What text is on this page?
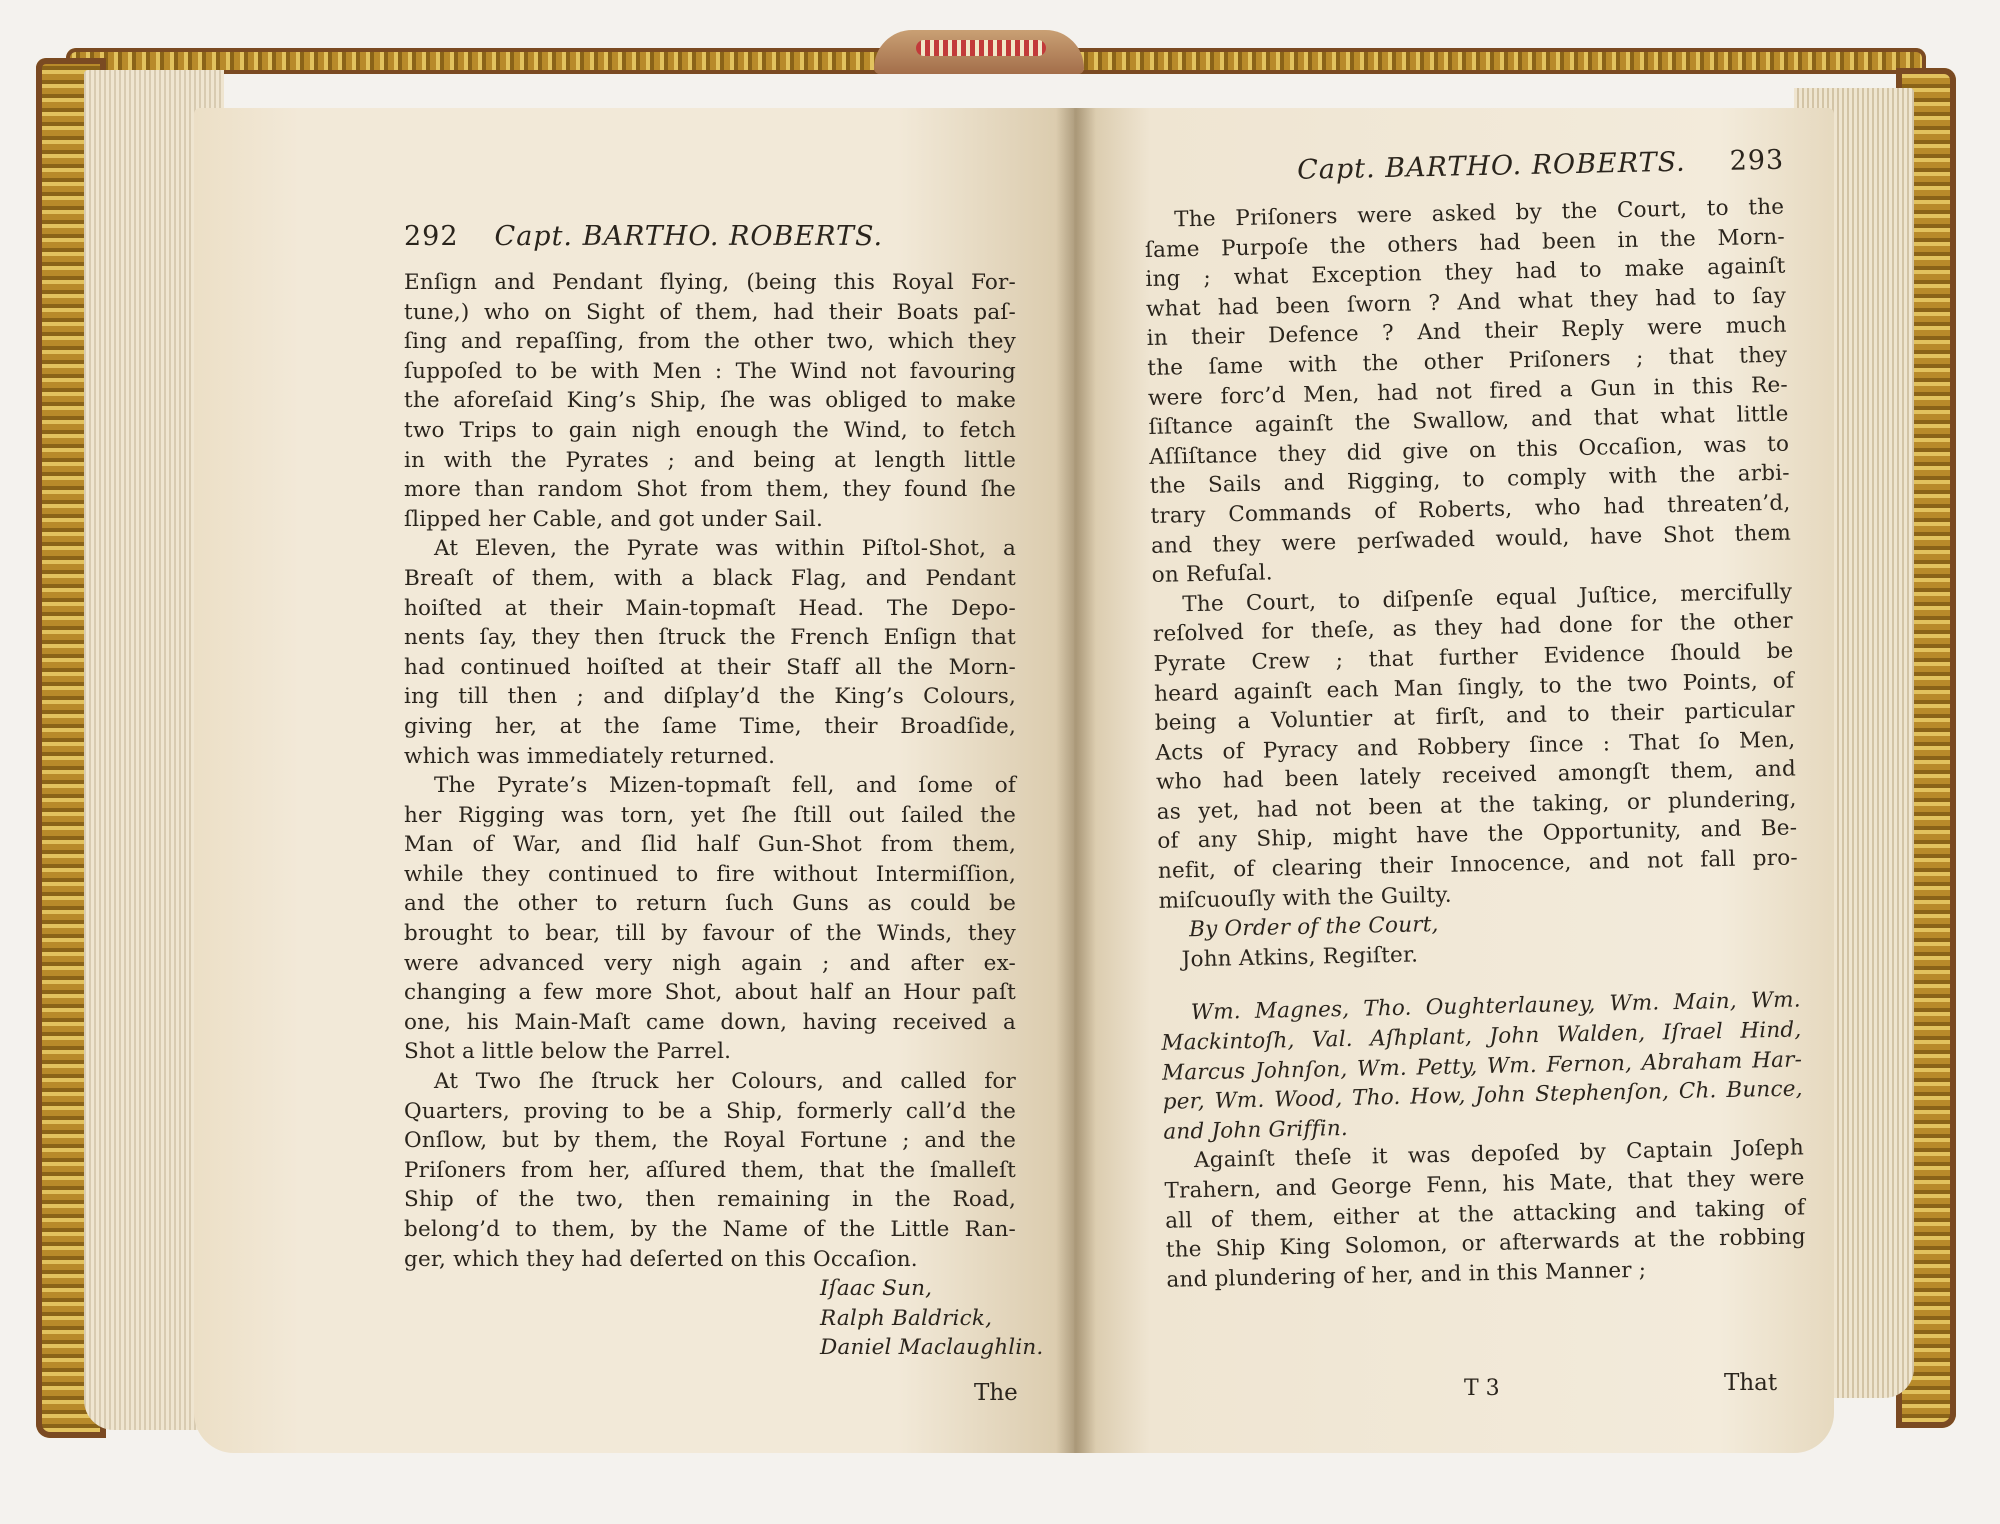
292 Capt. BARTHO. ROBERTS.
Enſign and Pendant flying, (being this Royal For-
tune,) who on Sight of them, had their Boats paſ-
ſing and repaſſing, from the other two, which they
ſuppoſed to be with Men : The Wind not favouring
the aforeſaid King’s Ship, ſhe was obliged to make
two Trips to gain nigh enough the Wind, to fetch
in with the Pyrates ; and being at length little
more than random Shot from them, they found ſhe
ſlipped her Cable, and got under Sail.
At Eleven, the Pyrate was within Piſtol-Shot, a
Breaſt of them, with a black Flag, and Pendant
hoiſted at their Main-topmaſt Head. The Depo-
nents ſay, they then ſtruck the French Enſign that
had continued hoiſted at their Staff all the Morn-
ing till then ; and diſplay’d the King’s Colours,
giving her, at the ſame Time, their Broadſide,
which was immediately returned.
The Pyrate’s Mizen-topmaſt fell, and ſome of
her Rigging was torn, yet ſhe ſtill out ſailed the
Man of War, and ſlid half Gun-Shot from them,
while they continued to fire without Intermiſſion,
and the other to return ſuch Guns as could be
brought to bear, till by favour of the Winds, they
were advanced very nigh again ; and after ex-
changing a few more Shot, about half an Hour paſt
one, his Main-Maſt came down, having received a
Shot a little below the Parrel.
At Two ſhe ſtruck her Colours, and called for
Quarters, proving to be a Ship, formerly call’d the
Onſlow, but by them, the Royal Fortune ; and the
Priſoners from her, aſſured them, that the ſmalleſt
Ship of the two, then remaining in the Road,
belong’d to them, by the Name of the Little Ran-
ger, which they had deſerted on this Occaſion.
Iſaac Sun,
Ralph Baldrick,
Daniel Maclaughlin.
The
Capt. BARTHO. ROBERTS. 293
The Priſoners were asked by the Court, to the
ſame Purpoſe the others had been in the Morn-
ing ; what Exception they had to make againſt
what had been ſworn ? And what they had to ſay
in their Defence ? And their Reply were much
the ſame with the other Priſoners ; that they
were forc’d Men, had not fired a Gun in this Re-
ſiſtance againſt the Swallow, and that what little
Aſſiſtance they did give on this Occaſion, was to
the Sails and Rigging, to comply with the arbi-
trary Commands of Roberts, who had threaten’d,
and they were perſwaded would, have Shot them
on Refuſal.
The Court, to diſpenſe equal Juſtice, mercifully
reſolved for theſe, as they had done for the other
Pyrate Crew ; that further Evidence ſhould be
heard againſt each Man ſingly, to the two Points, of
being a Voluntier at firſt, and to their particular
Acts of Pyracy and Robbery ſince : That ſo Men,
who had been lately received amongſt them, and
as yet, had not been at the taking, or plundering,
of any Ship, might have the Opportunity, and Be-
nefit, of clearing their Innocence, and not fall pro-
miſcuouſly with the Guilty.
By Order of the Court,
John Atkins, Regiſter.
Wm. Magnes, Tho. Oughterlauney, Wm. Main, Wm.
Mackintoſh, Val. Aſhplant, John Walden, Iſrael Hind,
Marcus Johnſon, Wm. Petty, Wm. Fernon, Abraham Har-
per, Wm. Wood, Tho. How, John Stephenſon, Ch. Bunce,
and John Griffin.
Againſt theſe it was depoſed by Captain Joſeph
Trahern, and George Fenn, his Mate, that they were
all of them, either at the attacking and taking of
the Ship King Solomon, or afterwards at the robbing
and plundering of her, and in this Manner ;
T 3	That
